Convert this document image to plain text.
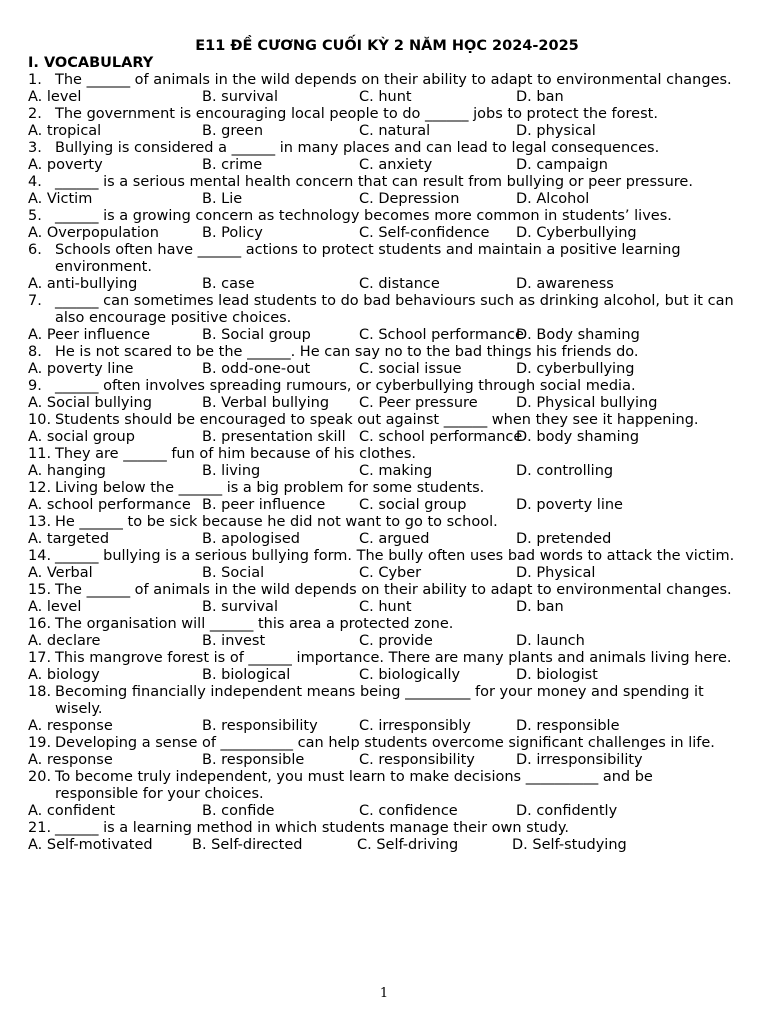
E11 ĐỀ CƯƠNG CUỐI KỲ 2 NĂM HỌC 2024-2025
I. VOCABULARY
1. The ______ of animals in the wild depends on their ability to adapt to environmental changes.
A. level	B. survival	C. hunt	D. ban
2. The government is encouraging local people to do ______ jobs to protect the forest.
A. tropical	B. green	C. natural	D. physical
3. Bullying is considered a ______ in many places and can lead to legal consequences.
A. poverty	B. crime	C. anxiety	D. campaign
4. ______ is a serious mental health concern that can result from bullying or peer pressure.
A. Victim	B. Lie	C. Depression	D. Alcohol
5. ______ is a growing concern as technology becomes more common in students’ lives.
A. Overpopulation	B. Policy	C. Self-confidence D. Cyberbullying
6. Schools often have ______ actions to protect students and maintain a positive learning environment.
A. anti-bullying	B. case	C. distance	D. awareness
7. ______ can sometimes lead students to do bad behaviours such as drinking alcohol, but it can also encourage positive choices.
A. Peer influence	B. Social group	C. School performance
D. Body shaming
8. He is not scared to be the ______. He can say no to the bad things his friends do.
A. poverty line	B. odd-one-out	C. social issue	D. cyberbullying
9. ______ often involves spreading rumours, or cyberbullying through social media.
A. Social bullying	B. Verbal bullying C. Peer pressure	D. Physical bullying
10. Students should be encouraged to speak out against ______ when they see it happening.
A. social group	B. presentation skill C. school performance
D. body shaming
11. They are ______ fun of him because of his clothes.
A. hanging	B. living	C. making	D. controlling
12. Living below the ______ is a big problem for some students.
A. school performance B. peer influence C. social group	D. poverty line
13. He ______ to be sick because he did not want to go to school.
A. targeted	B. apologised	C. argued	D. pretended
14. ______ bullying is a serious bullying form. The bully often uses bad words to attack the victim.
A. Verbal	B. Social	C. Cyber	D. Physical
15. The ______ of animals in the wild depends on their ability to adapt to environmental changes.
A. level	B. survival	C. hunt	D. ban
16. The organisation will ______ this area a protected zone.
A. declare	B. invest	C. provide	D. launch
17. This mangrove forest is of ______ importance. There are many plants and animals living here.
A. biology	B. biological	C. biologically	D. biologist
18. Becoming financially independent means being _________ for your money and spending it wisely.
A. response	B. responsibility	C. irresponsibly	D. responsible
19. Developing a sense of __________ can help students overcome significant challenges in life.
A. response	B. responsible	C. responsibility	D. irresponsibility
20. To become truly independent, you must learn to make decisions __________ and be responsible for your choices.
A. confident	B. confide	C. confidence	D. confidently
21. ______ is a learning method in which students manage their own study.
A. Self-motivated	B. Self-directed	C. Self-driving	D. Self-studying
1
